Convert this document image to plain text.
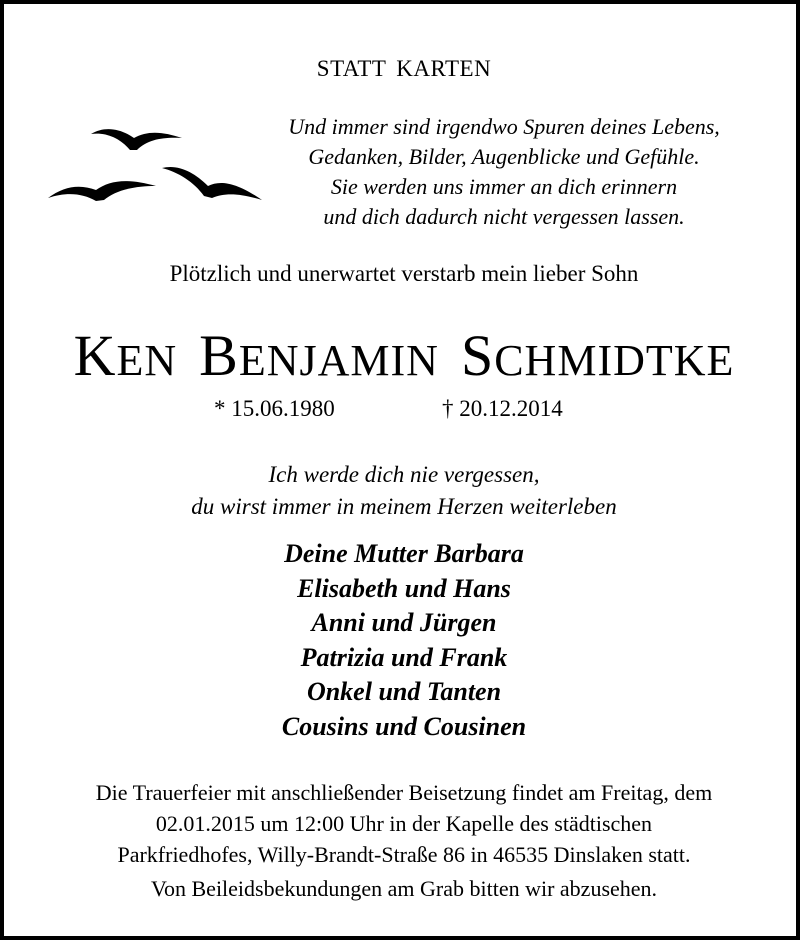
STATT KARTEN
Und immer sind irgendwo Spuren deines Lebens,
Gedanken, Bilder, Augenblicke und Gefühle.
Sie werden uns immer an dich erinnern
und dich dadurch nicht vergessen lassen.
Plötzlich und unerwartet verstarb mein lieber Sohn
KEN BENJAMIN SCHMIDTKE
* 15.06.1980	† 20.12.2014
Ich werde dich nie vergessen,
du wirst immer in meinem Herzen weiterleben
Deine Mutter Barbara
Elisabeth und Hans
Anni und Jürgen
Patrizia und Frank
Onkel und Tanten
Cousins und Cousinen
Die Trauerfeier mit anschließender Beisetzung findet am Freitag, dem
02.01.2015 um 12:00 Uhr in der Kapelle des städtischen
Parkfriedhofes, Willy-Brandt-Straße 86 in 46535 Dinslaken statt.
Von Beileidsbekundungen am Grab bitten wir abzusehen.
